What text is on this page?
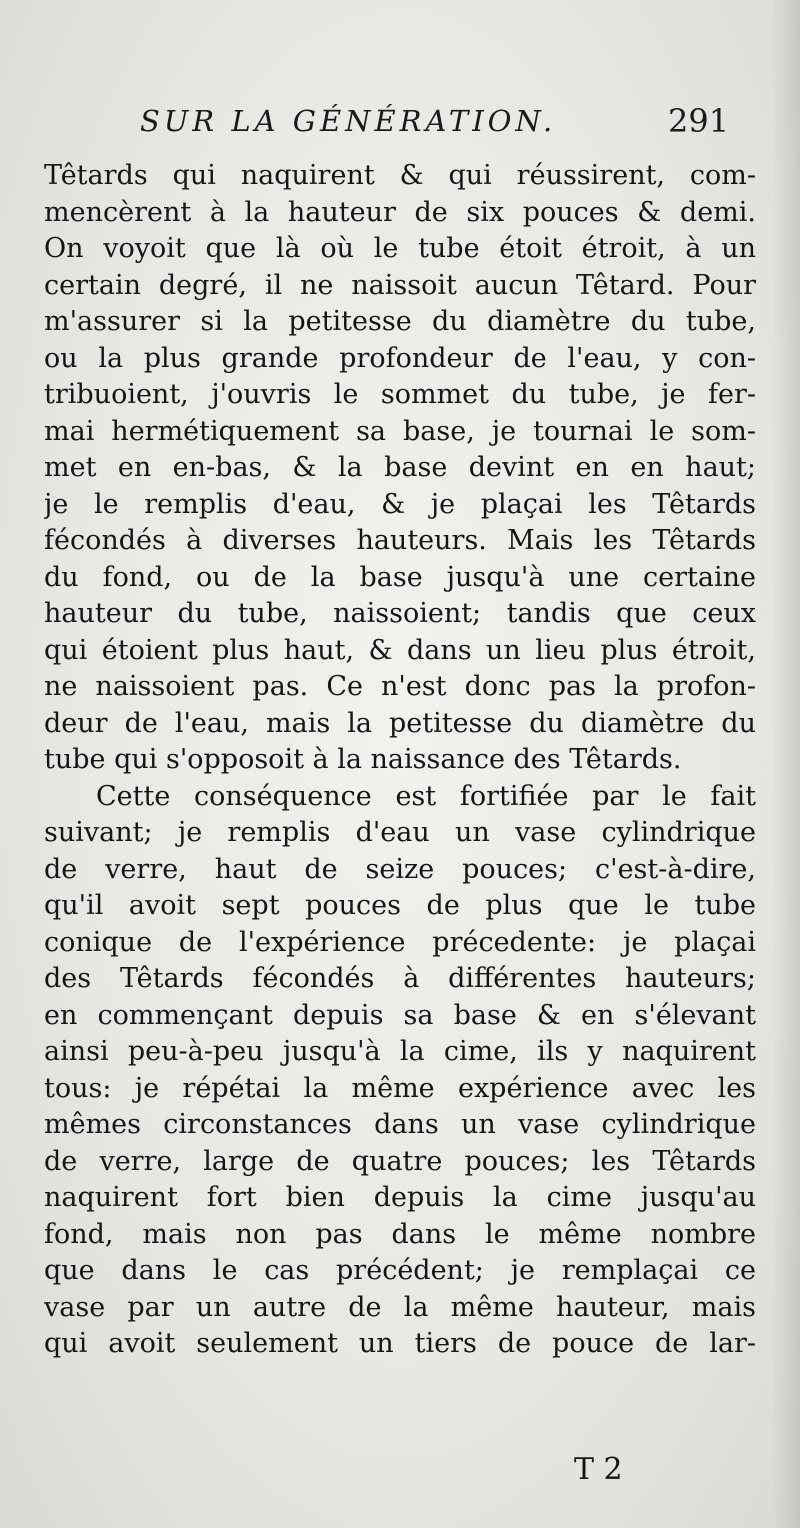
SUR LA GÉNÉRATION.	291
Têtards qui naquirent & qui réussirent, com-
mencèrent à la hauteur de six pouces & demi.
On voyoit que là où le tube étoit étroit, à un
certain degré, il ne naissoit aucun Têtard. Pour
m'assurer si la petitesse du diamètre du tube,
ou la plus grande profondeur de l'eau, y con-
tribuoient, j'ouvris le sommet du tube, je fer-
mai hermétiquement sa base, je tournai le som-
met en en-bas, & la base devint en en haut;
je le remplis d'eau, & je plaçai les Têtards
fécondés à diverses hauteurs. Mais les Têtards
du fond, ou de la base jusqu'à une certaine
hauteur du tube, naissoient; tandis que ceux
qui étoient plus haut, & dans un lieu plus étroit,
ne naissoient pas. Ce n'est donc pas la profon-
deur de l'eau, mais la petitesse du diamètre du
tube qui s'opposoit à la naissance des Têtards.
Cette conséquence est fortifiée par le fait
suivant; je remplis d'eau un vase cylindrique
de verre, haut de seize pouces; c'est-à-dire,
qu'il avoit sept pouces de plus que le tube
conique de l'expérience précedente: je plaçai
des Têtards fécondés à différentes hauteurs;
en commençant depuis sa base & en s'élevant
ainsi peu-à-peu jusqu'à la cime, ils y naquirent
tous: je répétai la même expérience avec les
mêmes circonstances dans un vase cylindrique
de verre, large de quatre pouces; les Têtards
naquirent fort bien depuis la cime jusqu'au
fond, mais non pas dans le même nombre
que dans le cas précédent; je remplaçai ce
vase par un autre de la même hauteur, mais
qui avoit seulement un tiers de pouce de lar-
T 2
